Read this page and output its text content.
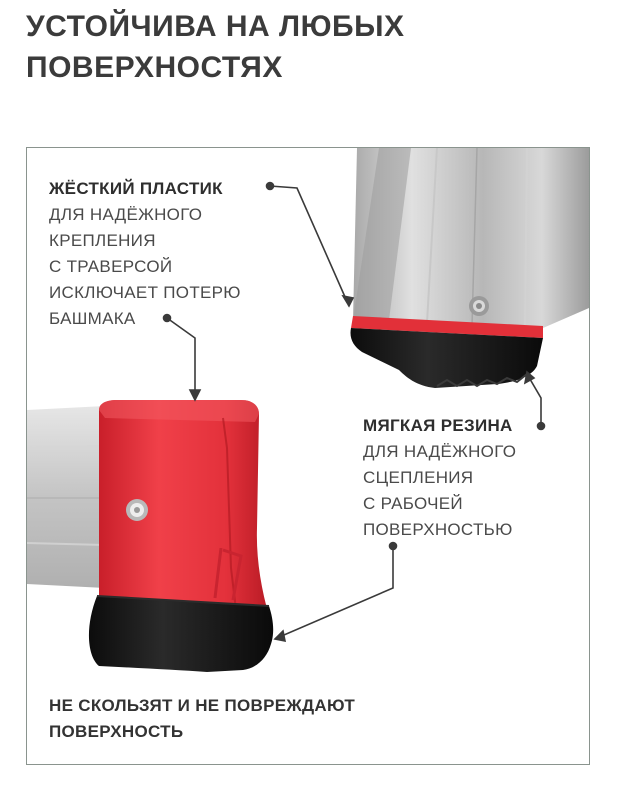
УСТОЙЧИВА НА ЛЮБЫХ
ПОВЕРХНОСТЯХ

ЖЁСТКИЙ ПЛАСТИК
ДЛЯ НАДЁЖНОГО
КРЕПЛЕНИЯ
С ТРАВЕРСОЙ
ИСКЛЮЧАЕТ ПОТЕРЮ
БАШМАКА

МЯГКАЯ РЕЗИНА
ДЛЯ НАДЁЖНОГО
СЦЕПЛЕНИЯ
С РАБОЧЕЙ
ПОВЕРХНОСТЬЮ

НЕ СКОЛЬЗЯТ И НЕ ПОВРЕЖДАЮТ
ПОВЕРХНОСТЬ
